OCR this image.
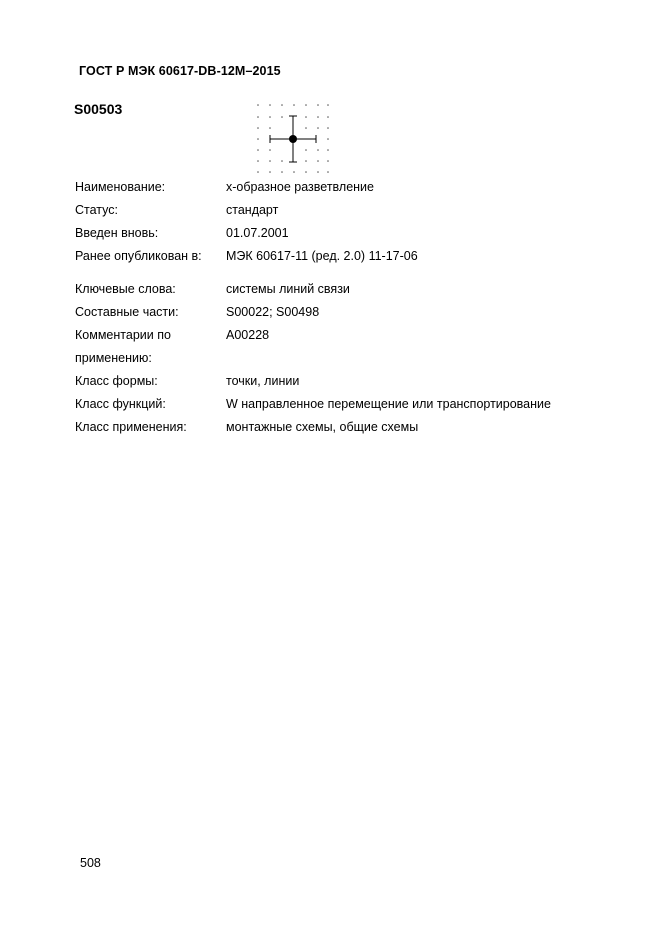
ГОСТ Р МЭК 60617-DB-12M–2015
S00503
Наименование:	х-образное разветвление
Статус:	стандарт
Введен вновь:	01.07.2001
Ранее опубликован в: МЭК 60617-11 (ред. 2.0) 11-17-06
Ключевые слова:	системы линий связи
Составные части:	S00022; S00498
Комментарии по	A00228
применению:
Класс формы:	точки, линии
Класс функций:	W направленное перемещение или транспортирование
Класс применения:	монтажные схемы, общие схемы
508
